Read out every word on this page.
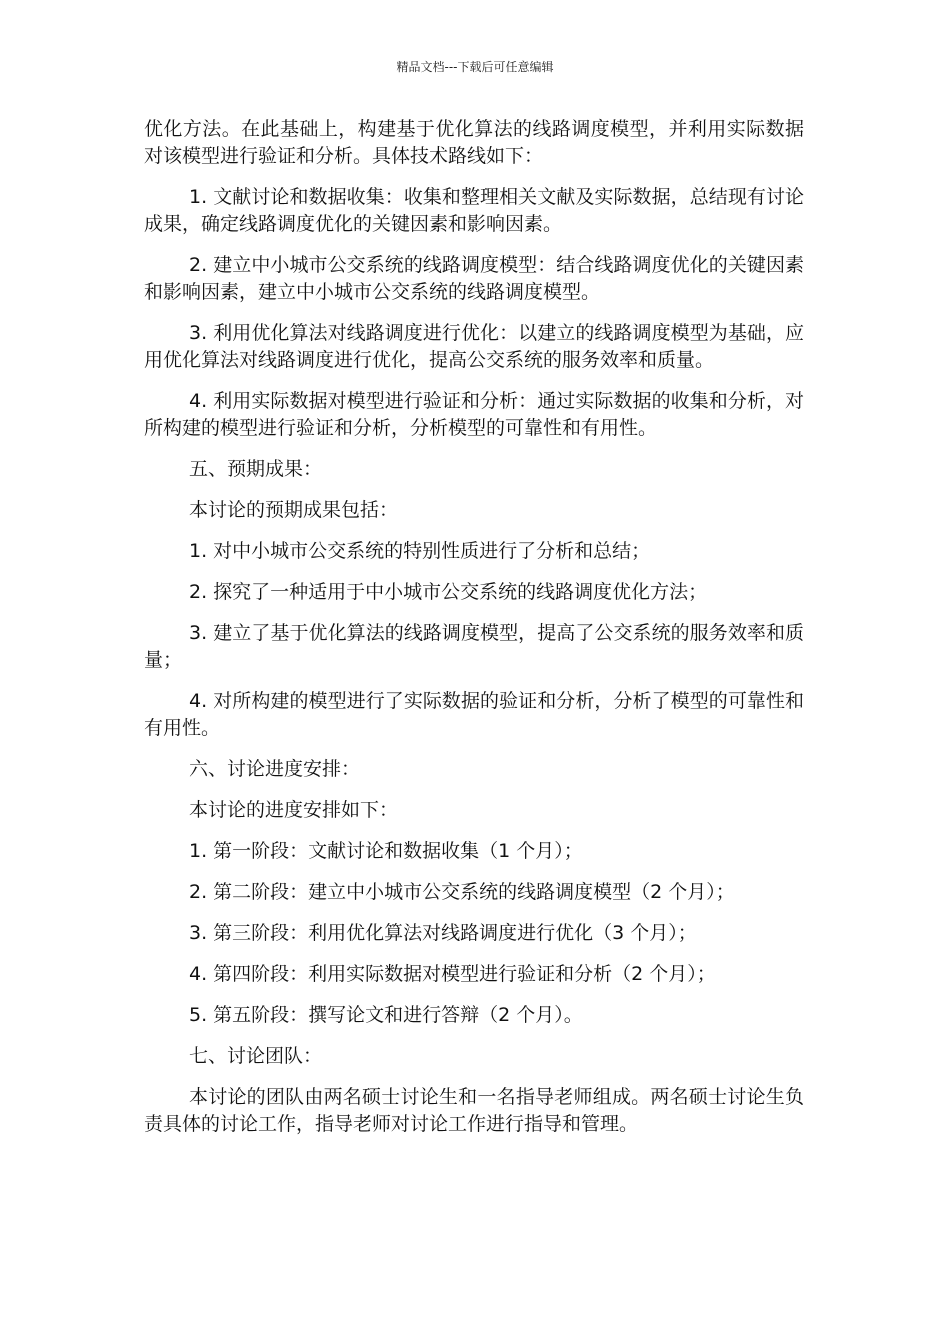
精品文档---下载后可任意编辑

优化方法。在此基础上，构建基于优化算法的线路调度模型，并利用实际数据对该模型进行验证和分析。具体技术路线如下：

1. 文献讨论和数据收集：收集和整理相关文献及实际数据，总结现有讨论成果，确定线路调度优化的关键因素和影响因素。

2. 建立中小城市公交系统的线路调度模型：结合线路调度优化的关键因素和影响因素，建立中小城市公交系统的线路调度模型。

3. 利用优化算法对线路调度进行优化：以建立的线路调度模型为基础，应用优化算法对线路调度进行优化，提高公交系统的服务效率和质量。

4. 利用实际数据对模型进行验证和分析：通过实际数据的收集和分析，对所构建的模型进行验证和分析，分析模型的可靠性和有用性。

五、预期成果：

本讨论的预期成果包括：

1. 对中小城市公交系统的特别性质进行了分析和总结；

2. 探究了一种适用于中小城市公交系统的线路调度优化方法；

3. 建立了基于优化算法的线路调度模型，提高了公交系统的服务效率和质量；

4. 对所构建的模型进行了实际数据的验证和分析，分析了模型的可靠性和有用性。

六、讨论进度安排：

本讨论的进度安排如下：

1. 第一阶段：文献讨论和数据收集（1 个月）；

2. 第二阶段：建立中小城市公交系统的线路调度模型（2 个月）；

3. 第三阶段：利用优化算法对线路调度进行优化（3 个月）；

4. 第四阶段：利用实际数据对模型进行验证和分析（2 个月）；

5. 第五阶段：撰写论文和进行答辩（2 个月）。

七、讨论团队：

本讨论的团队由两名硕士讨论生和一名指导老师组成。两名硕士讨论生负责具体的讨论工作，指导老师对讨论工作进行指导和管理。
